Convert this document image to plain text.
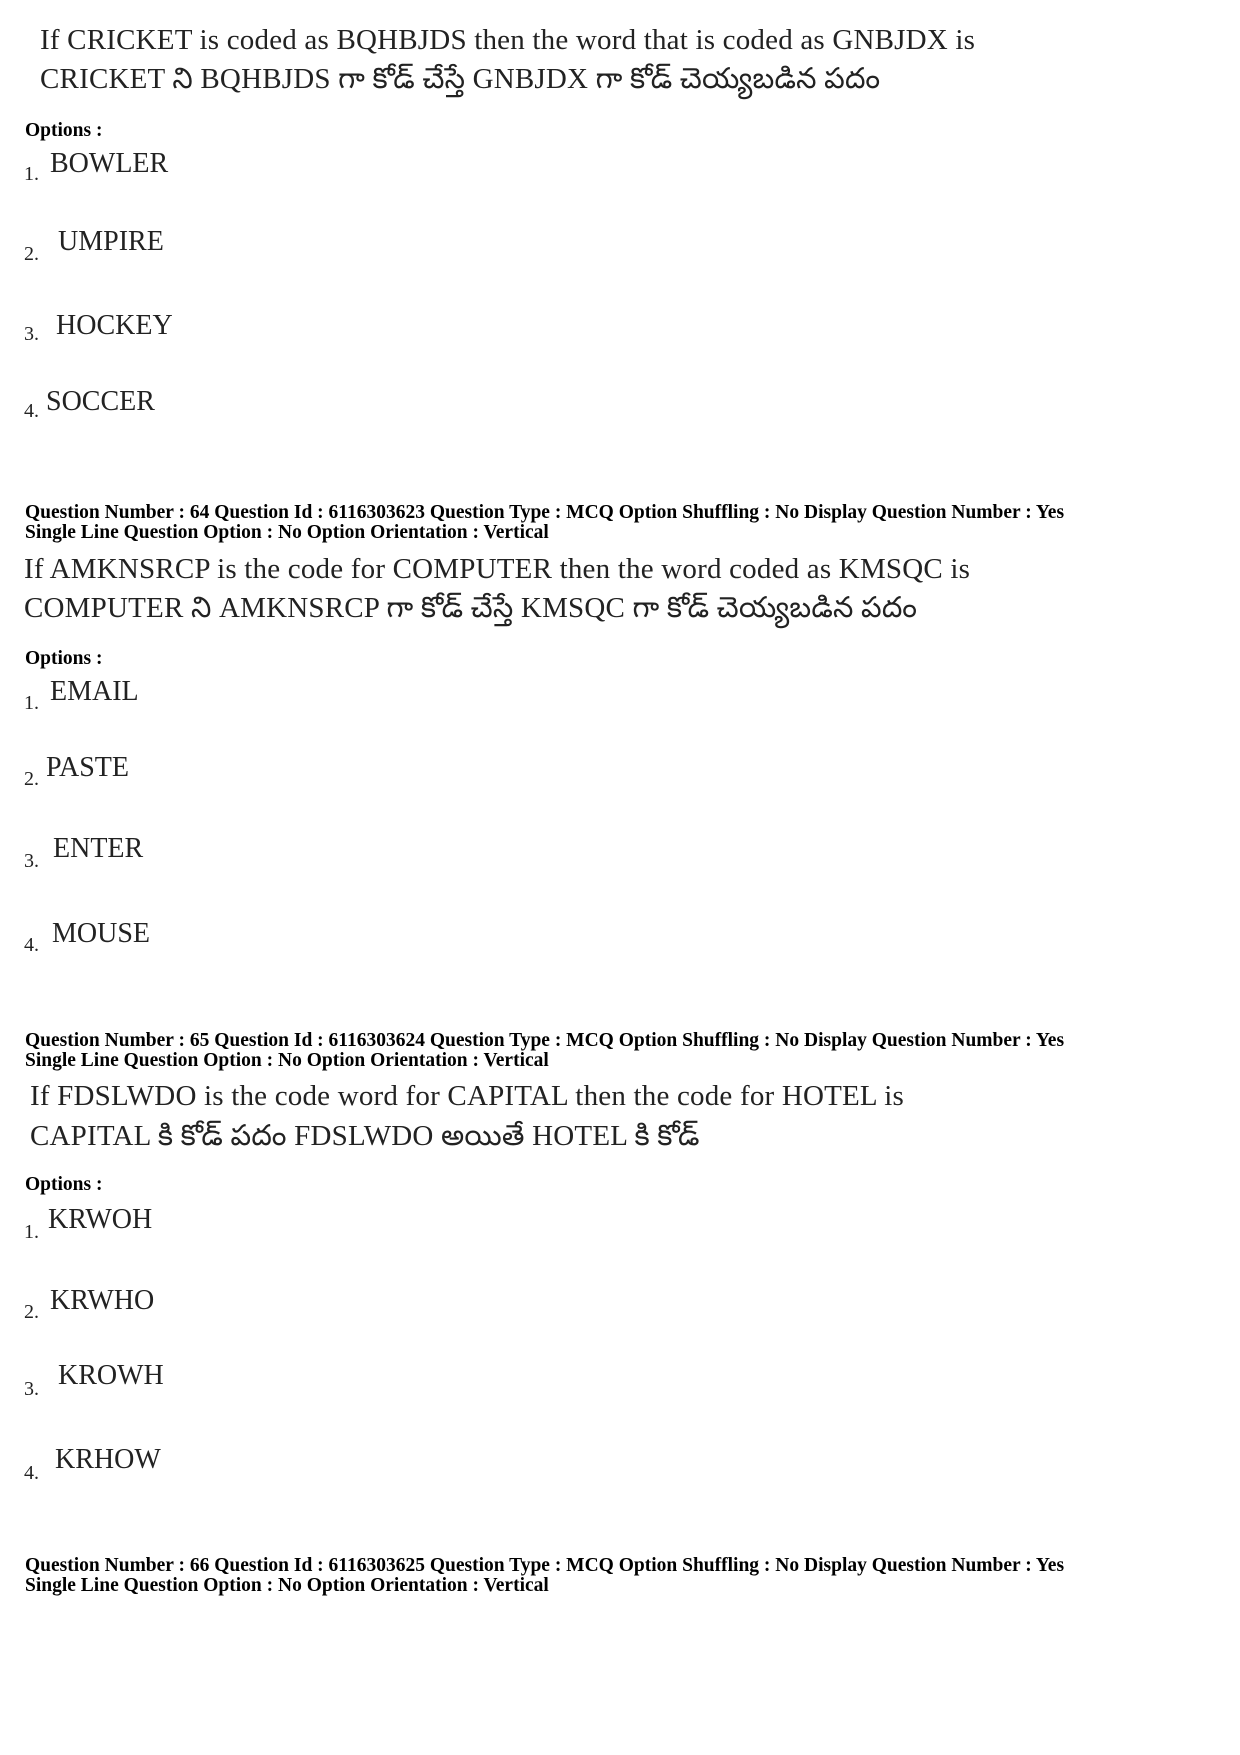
If CRICKET is coded as BQHBJDS then the word that is coded as GNBJDX is
CRICKET ని BQHBJDS గా కోడ్ చేస్తే GNBJDX గా కోడ్ చెయ్యబడిన పదం
Options :
1. BOWLER
2. UMPIRE
3. HOCKEY
4. SOCCER
Question Number : 64 Question Id : 6116303623 Question Type : MCQ Option Shuffling : No Display Question Number : Yes
Single Line Question Option : No Option Orientation : Vertical
If AMKNSRCP is the code for COMPUTER then the word coded as KMSQC is
COMPUTER ని AMKNSRCP గా కోడ్ చేస్తే KMSQC గా కోడ్ చెయ్యబడిన పదం
Options :
1. EMAIL
2. PASTE
3. ENTER
4. MOUSE
Question Number : 65 Question Id : 6116303624 Question Type : MCQ Option Shuffling : No Display Question Number : Yes
Single Line Question Option : No Option Orientation : Vertical
If FDSLWDO is the code word for CAPITAL then the code for HOTEL is
CAPITAL కి కోడ్ పదం FDSLWDO అయితే HOTEL కి కోడ్
Options :
1. KRWOH
2. KRWHO
3. KROWH
4. KRHOW
Question Number : 66 Question Id : 6116303625 Question Type : MCQ Option Shuffling : No Display Question Number : Yes
Single Line Question Option : No Option Orientation : Vertical
